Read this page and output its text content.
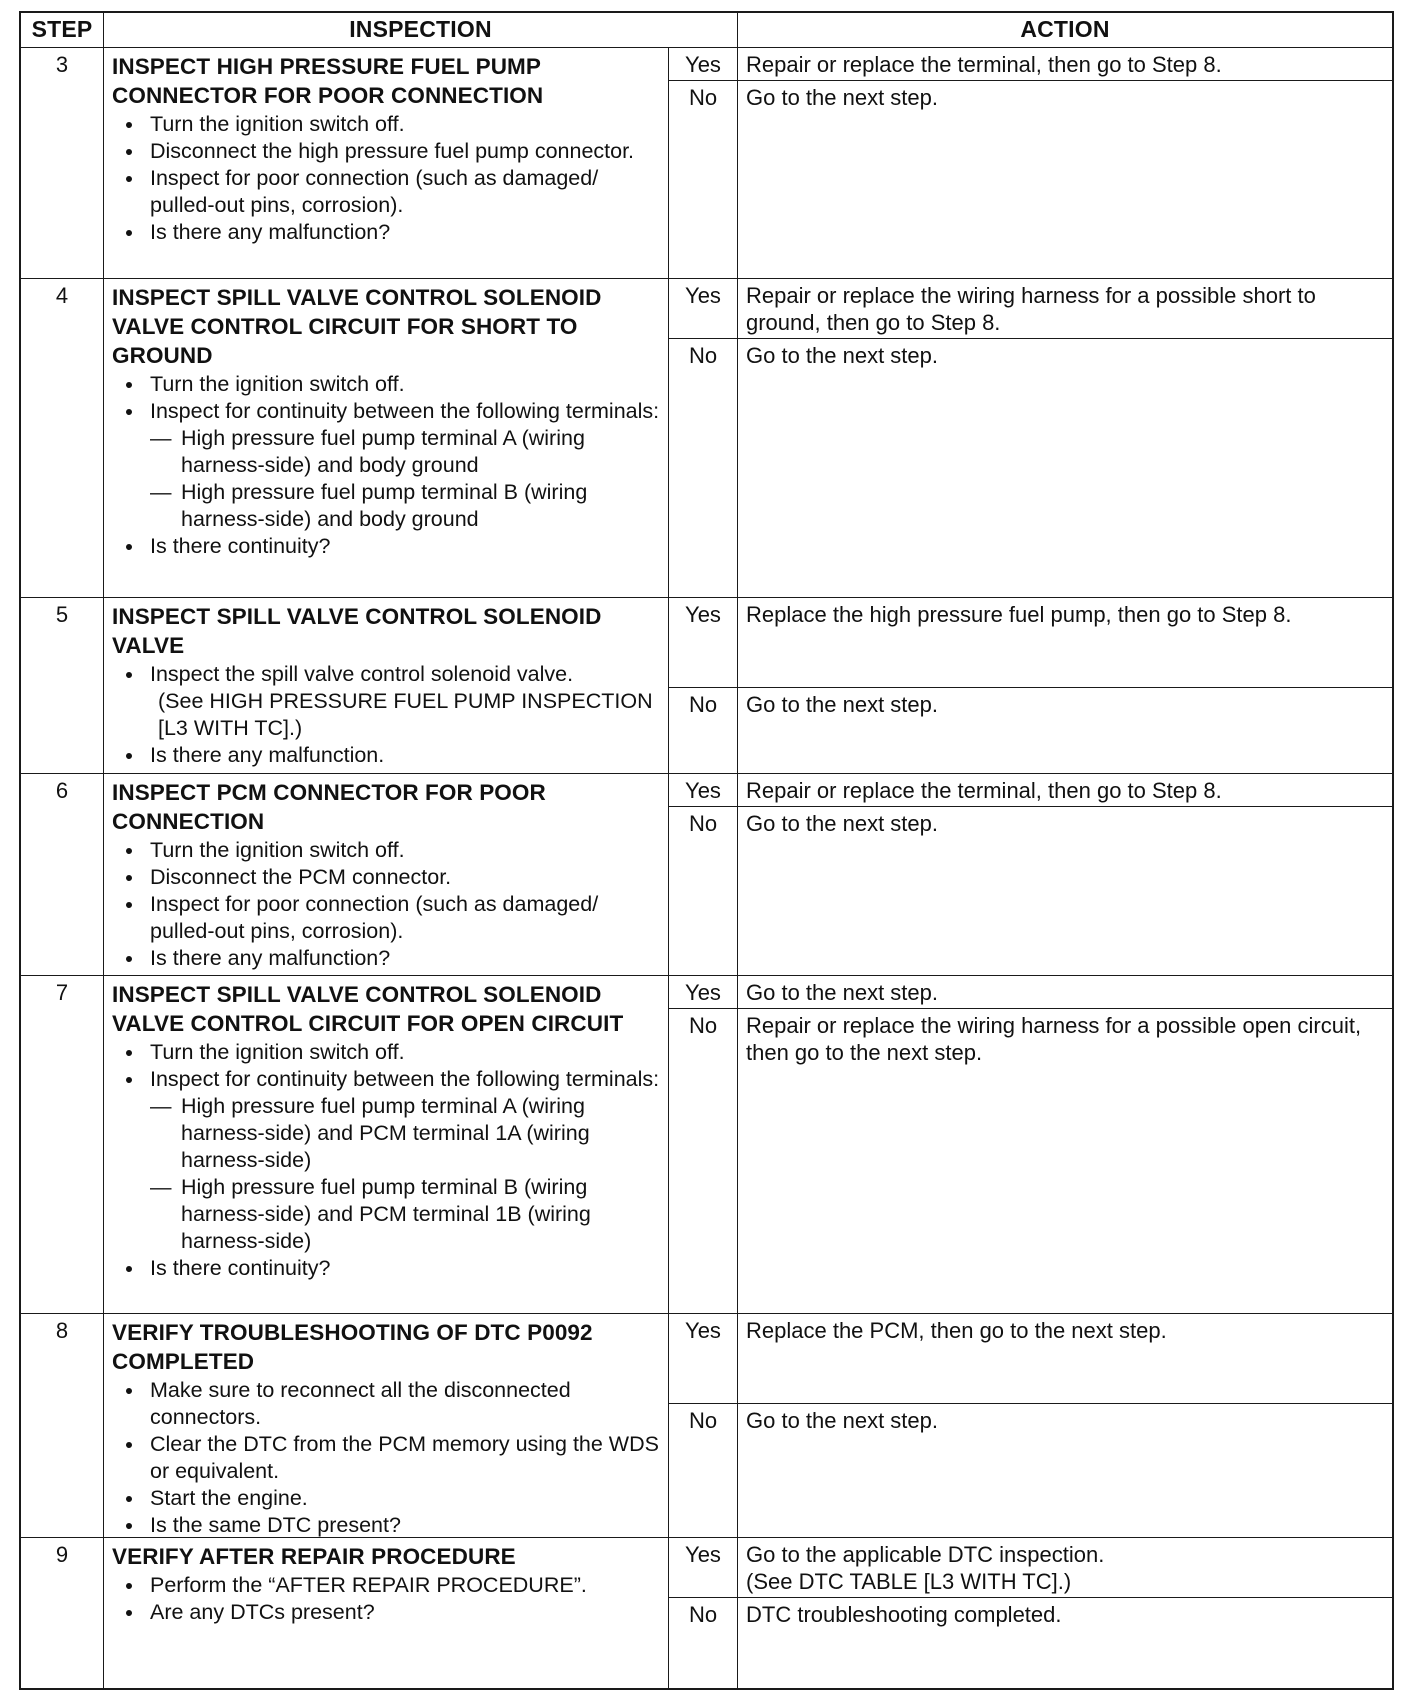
STEP	INSPECTION	ACTION
3	INSPECT HIGH PRESSURE FUEL PUMP CONNECTOR FOR POOR CONNECTION
Turn the ignition switch off.
Disconnect the high pressure fuel pump connector.
Inspect for poor connection (such as damaged/ pulled-out pins, corrosion).
Is there any malfunction?
Yes	Repair or replace the terminal, then go to Step 8.
No	Go to the next step.
4	INSPECT SPILL VALVE CONTROL SOLENOID VALVE CONTROL CIRCUIT FOR SHORT TO GROUND
Turn the ignition switch off.
Inspect for continuity between the following terminals:
— High pressure fuel pump terminal A (wiring harness-side) and body ground
— High pressure fuel pump terminal B (wiring harness-side) and body ground
Is there continuity?
Yes	Repair or replace the wiring harness for a possible short to ground, then go to Step 8.
No	Go to the next step.
5	INSPECT SPILL VALVE CONTROL SOLENOID VALVE
Inspect the spill valve control solenoid valve.
(See HIGH PRESSURE FUEL PUMP INSPECTION [L3 WITH TC].)
Is there any malfunction.
Yes	Replace the high pressure fuel pump, then go to Step 8.
No	Go to the next step.
6	INSPECT PCM CONNECTOR FOR POOR CONNECTION
Turn the ignition switch off.
Disconnect the PCM connector.
Inspect for poor connection (such as damaged/ pulled-out pins, corrosion).
Is there any malfunction?
Yes	Repair or replace the terminal, then go to Step 8.
No	Go to the next step.
7	INSPECT SPILL VALVE CONTROL SOLENOID VALVE CONTROL CIRCUIT FOR OPEN CIRCUIT
Turn the ignition switch off.
Inspect for continuity between the following terminals:
— High pressure fuel pump terminal A (wiring harness-side) and PCM terminal 1A (wiring harness-side)
— High pressure fuel pump terminal B (wiring harness-side) and PCM terminal 1B (wiring harness-side)
Is there continuity?
Yes	Go to the next step.
No	Repair or replace the wiring harness for a possible open circuit, then go to the next step.
8	VERIFY TROUBLESHOOTING OF DTC P0092 COMPLETED
Make sure to reconnect all the disconnected connectors.
Clear the DTC from the PCM memory using the WDS or equivalent.
Start the engine.
Is the same DTC present?
Yes	Replace the PCM, then go to the next step.
No	Go to the next step.
9	VERIFY AFTER REPAIR PROCEDURE
Perform the “AFTER REPAIR PROCEDURE”.
Are any DTCs present?
Yes	Go to the applicable DTC inspection.
(See DTC TABLE [L3 WITH TC].)
No	DTC troubleshooting completed.
